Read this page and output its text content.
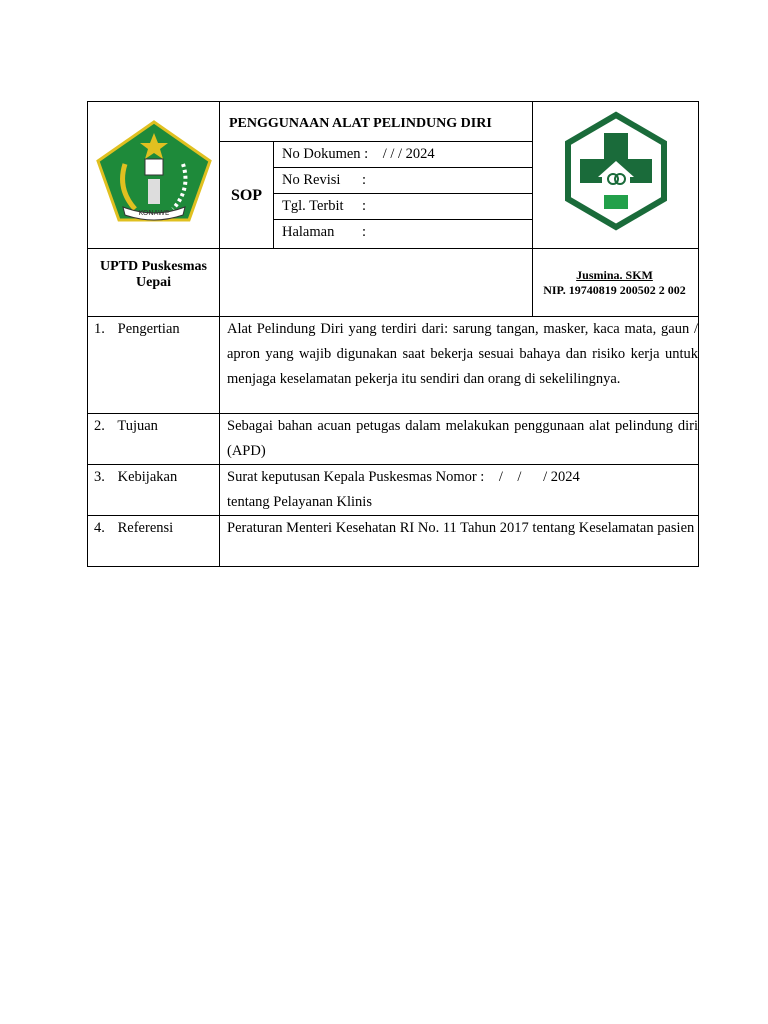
KONAWE
	PENGGUNAAN ALAT PELINDUNG DIRI	
SOP	
No Dokumen : / / / 2024
No Revisi :
Tgl. Terbit :
Halaman :

UPTD Puskesmas Uepai		
Jusmina. SKM
NIP. 19740819 200502 2 002

1. Pengertian	Alat Pelindung Diri yang terdiri dari: sarung tangan, masker, kaca mata, gaun / apron yang wajib digunakan saat bekerja sesuai bahaya dan risiko kerja untuk menjaga keselamatan pekerja itu sendiri dan orang di sekelilingnya.
2. Tujuan	Sebagai bahan acuan petugas dalam melakukan penggunaan alat pelindung diri (APD)
3. Kebijakan	Surat keputusan Kepala Puskesmas Nomor :    /    /      / 2024
tentang Pelayanan Klinis

4. Referensi	Peraturan Menteri Kesehatan RI No. 11 Tahun 2017 tentang Keselamatan pasien
